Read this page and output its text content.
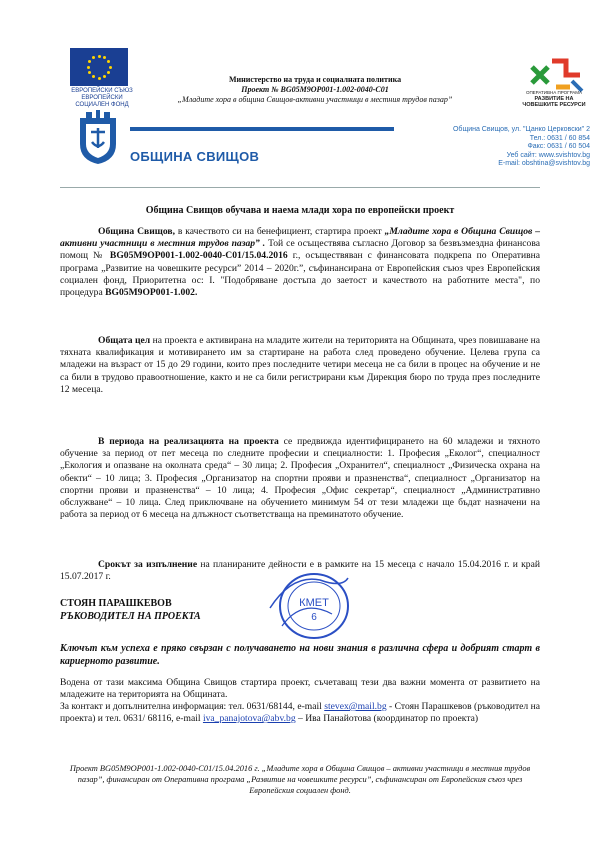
ЕВРОПЕЙСКИ СЪЮЗ
ЕВРОПЕЙСКИ
СОЦИАЛЕН ФОНД
Министерство на труда и социалната политика
Проект № BG05M9OP001-1.002-0040-С01
„Младите хора в община Свищов-активни участници в местния трудов пазар”
ОПЕРАТИВНА ПРОГРАМА
РАЗВИТИЕ НА
ЧОВЕШКИТЕ РЕСУРСИ
ОБЩИНА СВИЩОВ
Община Свищов, ул. "Цанко Церковски" 2
Тел.: 0631 / 60 854
Факс: 0631 / 60 504
Уеб сайт: www.svishtov.bg
E-mail: obshtina@svishtov.bg
Община Свищов обучава и наема млади хора по европейски проект
Община Свищов, в качеството си на бенефициент, стартира проект „Младите хора в Община Свищов – активни участници в местния трудов пазар” . Той се осъществява съгласно Договор за безвъзмездна финансова помощ № BG05M9OP001-1.002-0040-C01/15.04.2016 г., осъществяван с финансовата подкрепа по Оперативна програма „Развитие на човешките ресурси” 2014 – 2020г.”, съфинансирана от Европейския съюз чрез Европейския социален фонд, Приоритетна ос: I. "Подобряване достъпа до заетост и качеството на работните места", по процедура BG05M9OP001-1.002.
Общата цел на проекта е активирана на младите жители на територията на Общината, чрез повишаване на тяхната квалификация и мотивирането им за стартиране на работа след проведено обучение. Целева група са младежи на възраст от 15 до 29 години, които през последните четири месеца не са били в процес на обучение и не са били в трудово правоотношение, както и не са били регистрирани към Дирекция бюро по труда през последните 12 месеца.
В периода на реализацията на проекта се предвижда идентифицирането на 60 младежи и тяхното обучение за период от пет месеца по следните професии и специалности: 1. Професия „Еколог“, специалност „Екология и опазване на околната среда“ – 30 лица; 2. Професия „Охранител“, специалност „Физическа охрана на обекти“ – 10 лица; 3. Професия „Организатор на спортни прояви и празненства“, специалност „Организатор на спортни прояви и празненства“ – 10 лица; 4. Професия „Офис секретар“, специалност „Административно обслужване“ – 10 лица. След приключване на обучението минимум 54 от тези младежи ще бъдат назначени на работа за период от 6 месеца на длъжност съответстваща на преминатото обучение.
Срокът за изпълнение на планираните дейности е в рамките на 15 месеца с начало 15.04.2016 г. и край 15.07.2017 г.
СТОЯН ПАРАШКЕВОВ
РЪКОВОДИТЕЛ НА ПРОЕКТА
КМЕТ
6
Ключът към успеха е пряко свързан с получаването на нови знания в различна сфера и добрият старт в кариерното развитие.
Водена от тази максима Община Свищов стартира проект, съчетаващ тези два важни момента от развитието на младежите на територията на Общината.
За контакт и допълнителна информация: тел. 0631/68144, e-mail stevex@mail.bg - Стоян Парашкевов (ръководител на проекта) и тел. 0631/ 68116, e-mail iva_panajotova@abv.bg – Ива Панайотова (координатор по проекта)
Проект BG05M9OP001-1.002-0040-C01/15.04.2016 г. „Младите хора в Община Свищов – активни участници в местния трудов пазар”, финансиран от Оперативна програма „Развитие на човешките ресурси”, съфинансиран от Европейския съюз чрез Европейския социален фонд.
